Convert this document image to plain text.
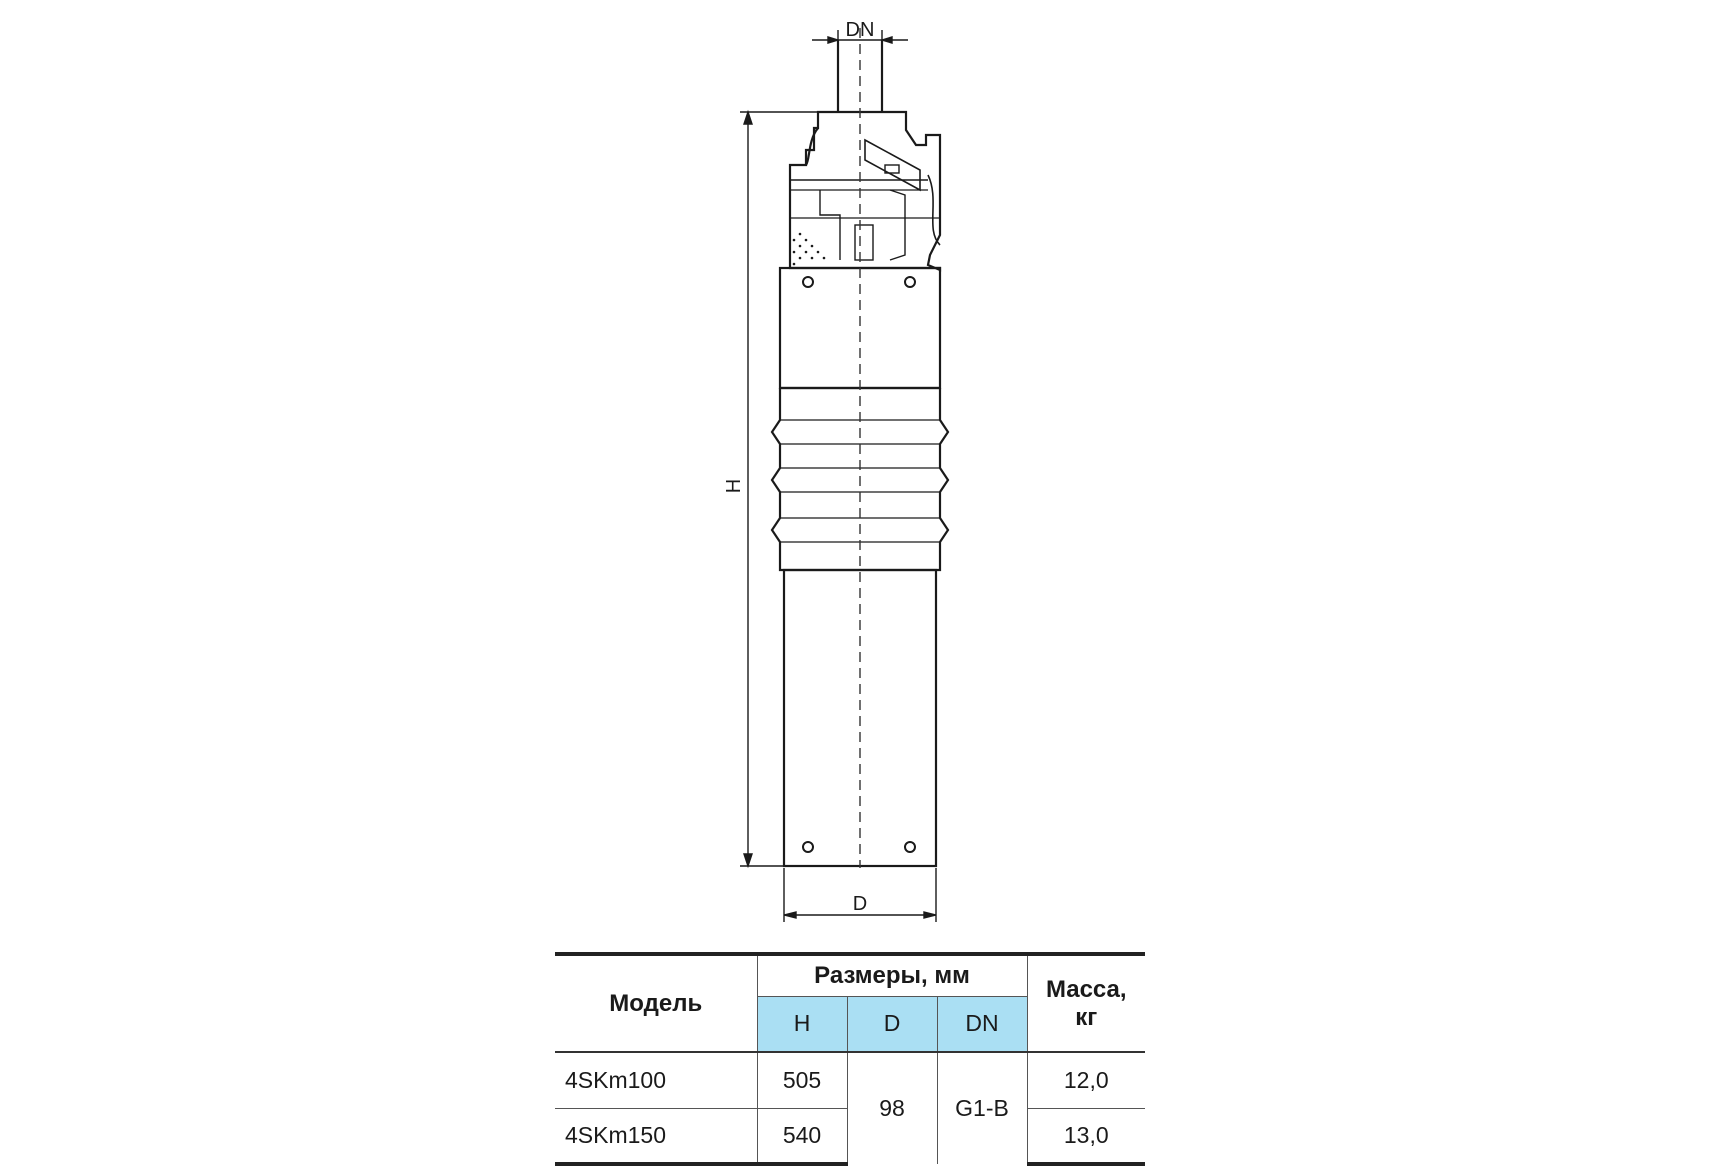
DN
H
D
Модель	Размеры, мм			Масса,
кг

	H	D	DN	
4SKm100	505	98	G1-B	12,0
4SKm150	540			13,0
